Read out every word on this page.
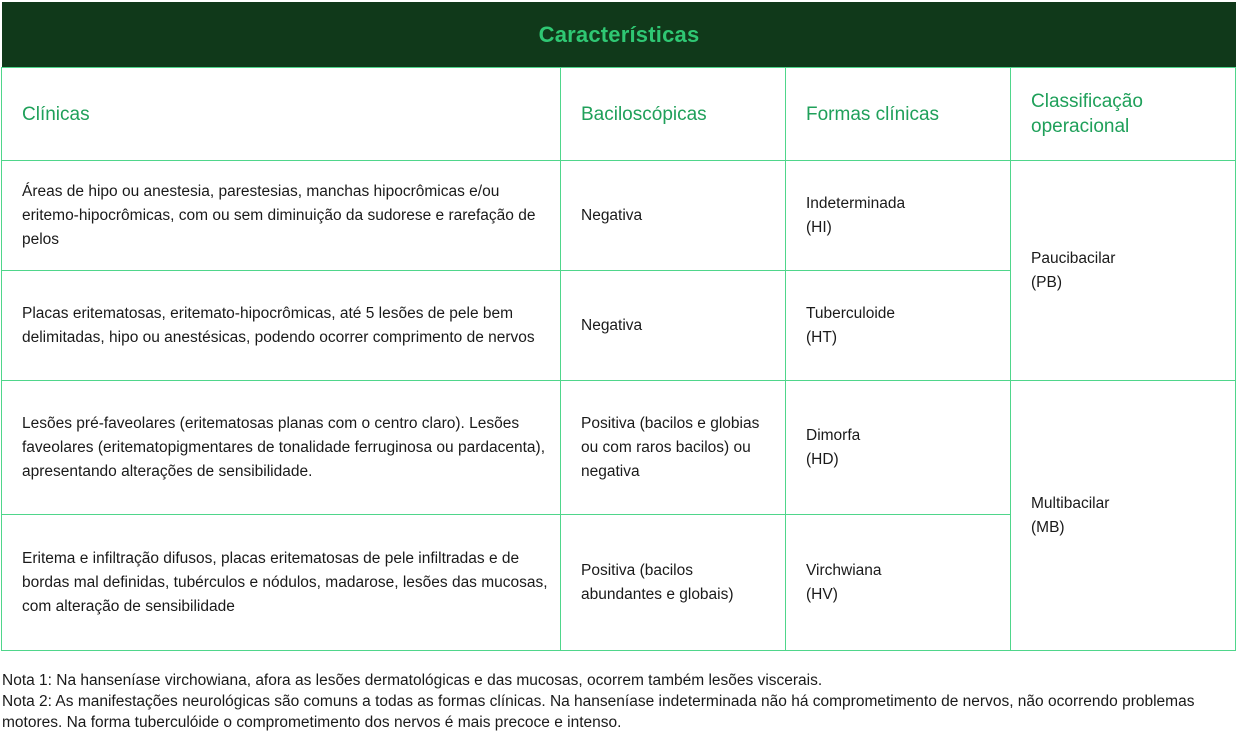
Características
Clínicas	Baciloscópicas	Formas clínicas
Classificação operacional
Áreas de hipo ou anestesia, parestesias, manchas hipocrômicas e/ou eritemo-hipocrômicas, com ou sem diminuição da sudorese e rarefação de pelos
Negativa
Indeterminada
(HI)
Placas eritematosas, eritemato-hipocrômicas, até 5 lesões de pele bem delimitadas, hipo ou anestésicas, podendo ocorrer comprimento de nervos
Negativa
Tuberculoide
(HT)
Paucibacilar
(PB)
Lesões pré-faveolares (eritematosas planas com o centro claro). Lesões faveolares (eritematopigmentares de tonalidade ferruginosa ou pardacenta), apresentando alterações de sensibilidade.
Positiva (bacilos e globias ou com raros bacilos) ou negativa
Dimorfa
(HD)
Eritema e infiltração difusos, placas eritematosas de pele infiltradas e de bordas mal definidas, tubérculos e nódulos, madarose, lesões das mucosas, com alteração de sensibilidade
Positiva (bacilos abundantes e globais)
Virchwiana
(HV)
Multibacilar
(MB)

Nota 1: Na hanseníase virchowiana, afora as lesões dermatológicas e das mucosas, ocorrem também lesões viscerais.

Nota 2: As manifestações neurológicas são comuns a todas as formas clínicas. Na hanseníase indeterminada não há comprometimento de nervos, não ocorrendo problemas motores. Na forma tuberculóide o comprometimento dos nervos é mais precoce e intenso.
